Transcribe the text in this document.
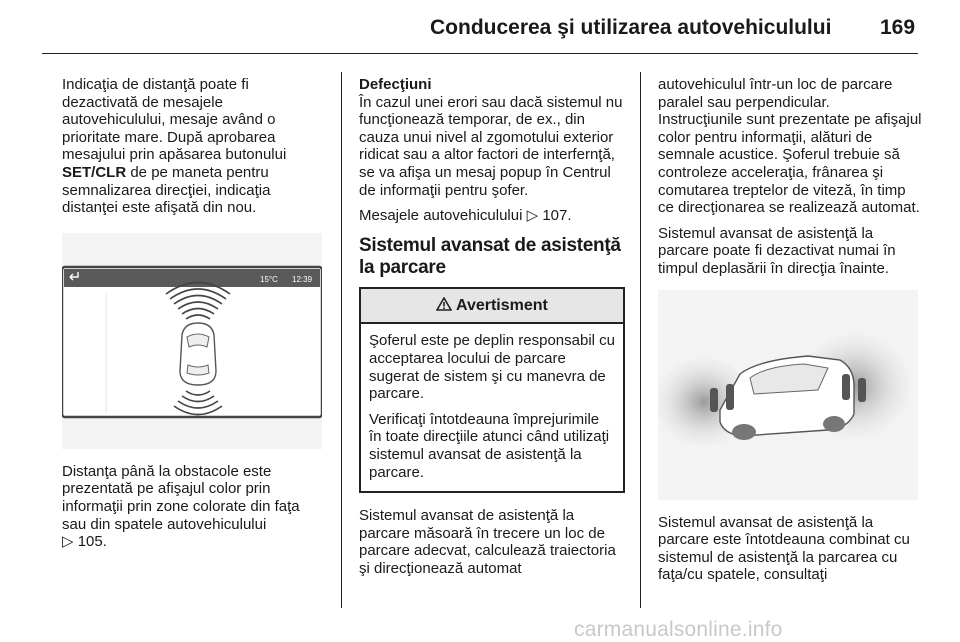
Conducerea şi utilizarea autovehiculului 169

Indicaţia de distanţă poate fi dezactivată de mesajele autovehiculului, mesaje având o prioritate mare. După aprobarea mesajului prin apăsarea butonului SET/CLR de pe maneta pentru semnalizarea direcţiei, indicaţia distanţei este afişată din nou.

15°C 12:39

Distanţa până la obstacole este prezentată pe afişajul color prin informaţii prin zone colorate din faţa sau din spatele autovehiculului
▷ 105.

Defecţiuni

În cazul unei erori sau dacă sistemul nu funcţionează temporar, de ex., din cauza unui nivel al zgomotului exterior ridicat sau a altor factori de interfernţă, se va afişa un mesaj popup în Centrul de informaţii pentru şofer.

Mesajele autovehiculului ▷ 107.

Sistemul avansat de asistenţă la parcare
Avertisment

Şoferul este pe deplin responsabil cu acceptarea locului de parcare sugerat de sistem şi cu manevra de parcare.

Verificaţi întotdeauna împrejurimile în toate direcţiile atunci când utilizaţi sistemul avansat de asistenţă la parcare.

Sistemul avansat de asistenţă la parcare măsoară în trecere un loc de parcare adecvat, calculează traiectoria şi direcţionează automat

autovehiculul într-un loc de parcare paralel sau perpendicular.

Instrucţiunile sunt prezentate pe afişajul color pentru informaţii, alături de semnale acustice. Şoferul trebuie să controleze acceleraţia, frânarea şi comutarea treptelor de viteză, în timp ce direcţionarea se realizează automat.

Sistemul avansat de asistenţă la parcare poate fi dezactivat numai în timpul deplasării în direcţia înainte.

Sistemul avansat de asistenţă la parcare este întotdeauna combinat cu sistemul de asistenţă la parcarea cu faţa/cu spatele, consultaţi

carmanualsonline.info
